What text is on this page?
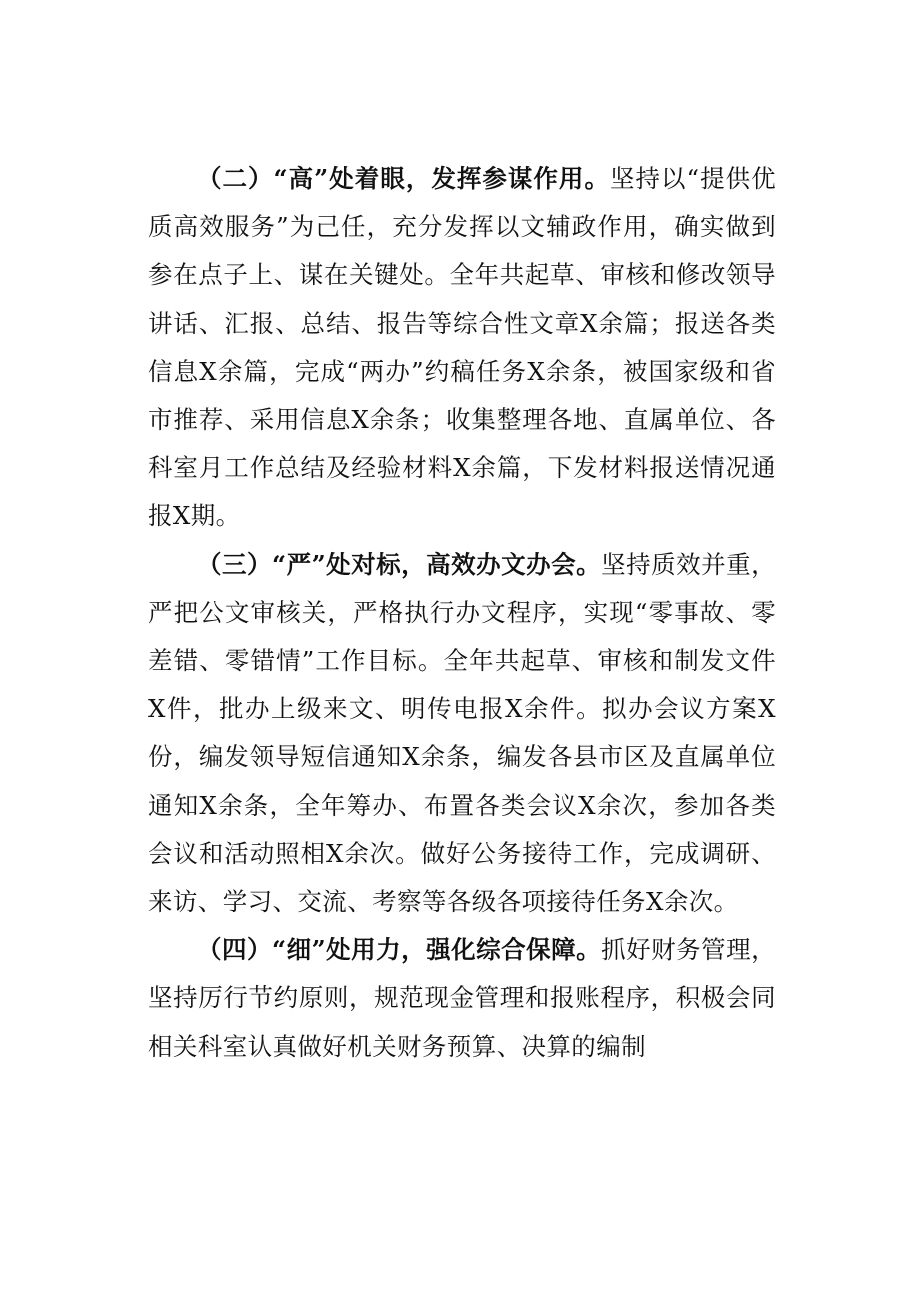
（二）“高”处着眼，发挥参谋作用。坚持以“提供优质高效服务”为己任，充分发挥以文辅政作用，确实做到参在点子上、谋在关键处。全年共起草、审核和修改领导讲话、汇报、总结、报告等综合性文章X余篇；报送各类信息X余篇，完成“两办”约稿任务X余条，被国家级和省市推荐、采用信息X余条；收集整理各地、直属单位、各科室月工作总结及经验材料X余篇，下发材料报送情况通报X期。

（三）“严”处对标，高效办文办会。坚持质效并重，严把公文审核关，严格执行办文程序，实现“零事故、零差错、零错情”工作目标。全年共起草、审核和制发文件X件，批办上级来文、明传电报X余件。拟办会议方案X份，编发领导短信通知X余条，编发各县市区及直属单位通知X余条，全年筹办、布置各类会议X余次，参加各类会议和活动照相X余次。做好公务接待工作，完成调研、来访、学习、交流、考察等各级各项接待任务X余次。

（四）“细”处用力，强化综合保障。抓好财务管理，坚持厉行节约原则，规范现金管理和报账程序，积极会同相关科室认真做好机关财务预算、决算的编制
